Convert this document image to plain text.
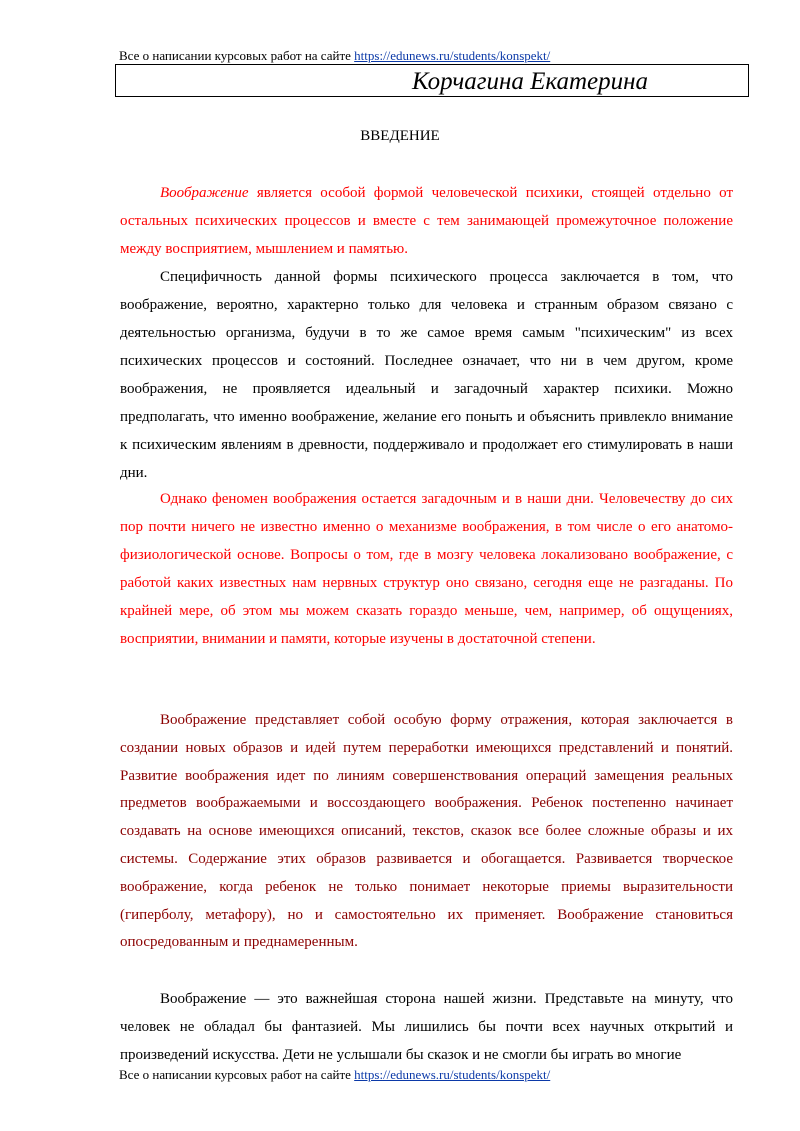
Все о написании курсовых работ на сайте https://edunews.ru/students/konspekt/
Корчагина Екатерина
ВВЕДЕНИЕ

Воображение является особой формой человеческой психики, стоящей отдельно от остальных психических процессов и вместе с тем занимающей промежуточное положение между восприятием, мышлением и памятью.

Специфичность данной формы психического процесса заключается в том, что воображение, вероятно, характерно только для человека и странным образом связано с деятельностью организма, будучи в то же самое время самым "психическим" из всех психических процессов и состояний. Последнее означает, что ни в чем другом, кроме воображения, не проявляется идеальный и загадочный характер психики. Можно предполагать, что именно воображение, желание его поныть и объяснить привлекло внимание к психическим явлениям в древности, поддерживало и продолжает его стимулировать в наши дни.

Однако феномен воображения остается загадочным и в наши дни. Человечеству до сих пор почти ничего не известно именно о механизме воображения, в том числе о его анатомо-физиологической основе. Вопросы о том, где в мозгу человека локализовано воображение, с работой каких известных нам нервных структур оно связано, сегодня еще не разгаданы. По крайней мере, об этом мы можем сказать гораздо меньше, чем, например, об ощущениях, восприятии, внимании и памяти, которые изучены в достаточной степени.

Воображение представляет собой особую форму отражения, которая заключается в создании новых образов и идей путем переработки имеющихся представлений и понятий. Развитие воображения идет по линиям совершенствования операций замещения реальных предметов воображаемыми и воссоздающего воображения. Ребенок постепенно начинает создавать на основе имеющихся описаний, текстов, сказок все более сложные образы и их системы. Содержание этих образов развивается и обогащается. Развивается творческое воображение, когда ребенок не только понимает некоторые приемы выразительности (гиперболу, метафору), но и самостоятельно их применяет. Воображение становиться опосредованным и преднамеренным.

Воображение — это важнейшая сторона нашей жизни. Представьте на минуту, что человек не обладал бы фантазией. Мы лишились бы почти всех научных открытий и произведений искусства. Дети не услышали бы сказок и не смогли бы играть во многие

Все о написании курсовых работ на сайте https://edunews.ru/students/konspekt/
